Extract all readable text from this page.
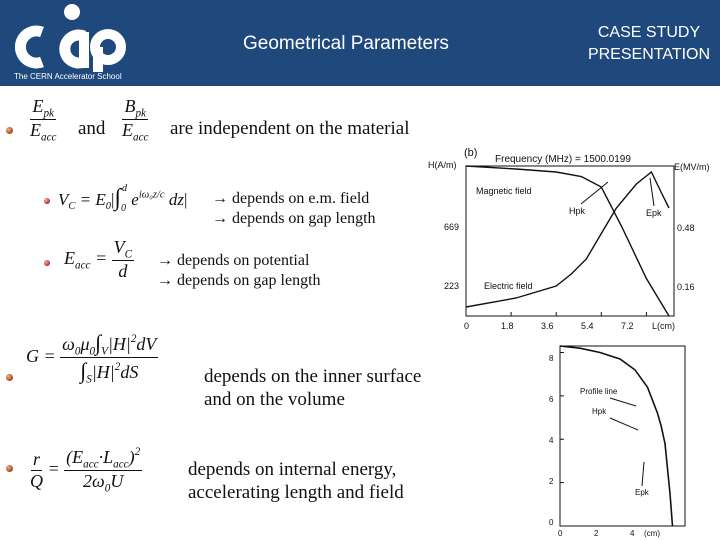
The CERN Accelerator School
Geometrical Parameters
CASE STUDY
PRESENTATION
$\frac{E_{pk}}{E_{acc}}$ and $\frac{B_{pk}}{E_{acc}}$ are independent on the material
$V_C = E_0|\int_0^d$ $e^{i\omega_0z/c}$ dz| → depends on e.m. field
→ depends on gap length
$E_{acc} = \frac{V_C}{d}$ → depends on potential
→ depends on gap length
$G = \frac{\omega_0\mu_0\int_V|H|^2dV}{\int_S|H|^2dS}$ depends on the inner surface
and on the volume
$\frac{r}{Q} = \frac{(E_{acc}\cdot L_{acc})^2}{2\omega_0U}$ depends on internal energy,
accelerating length and field
(b)
Frequency (MHz) = 1500.0199
H(A/m)	E(MV/m)
669
223
0.48
0.16
0	1.8	3.6	5.4	7.2 L(cm)
Magnetic field
Electric field
Hpk	Epk
8
6
4
2
0
0	2	4 (cm)
Profile line
Hpk
Epk
